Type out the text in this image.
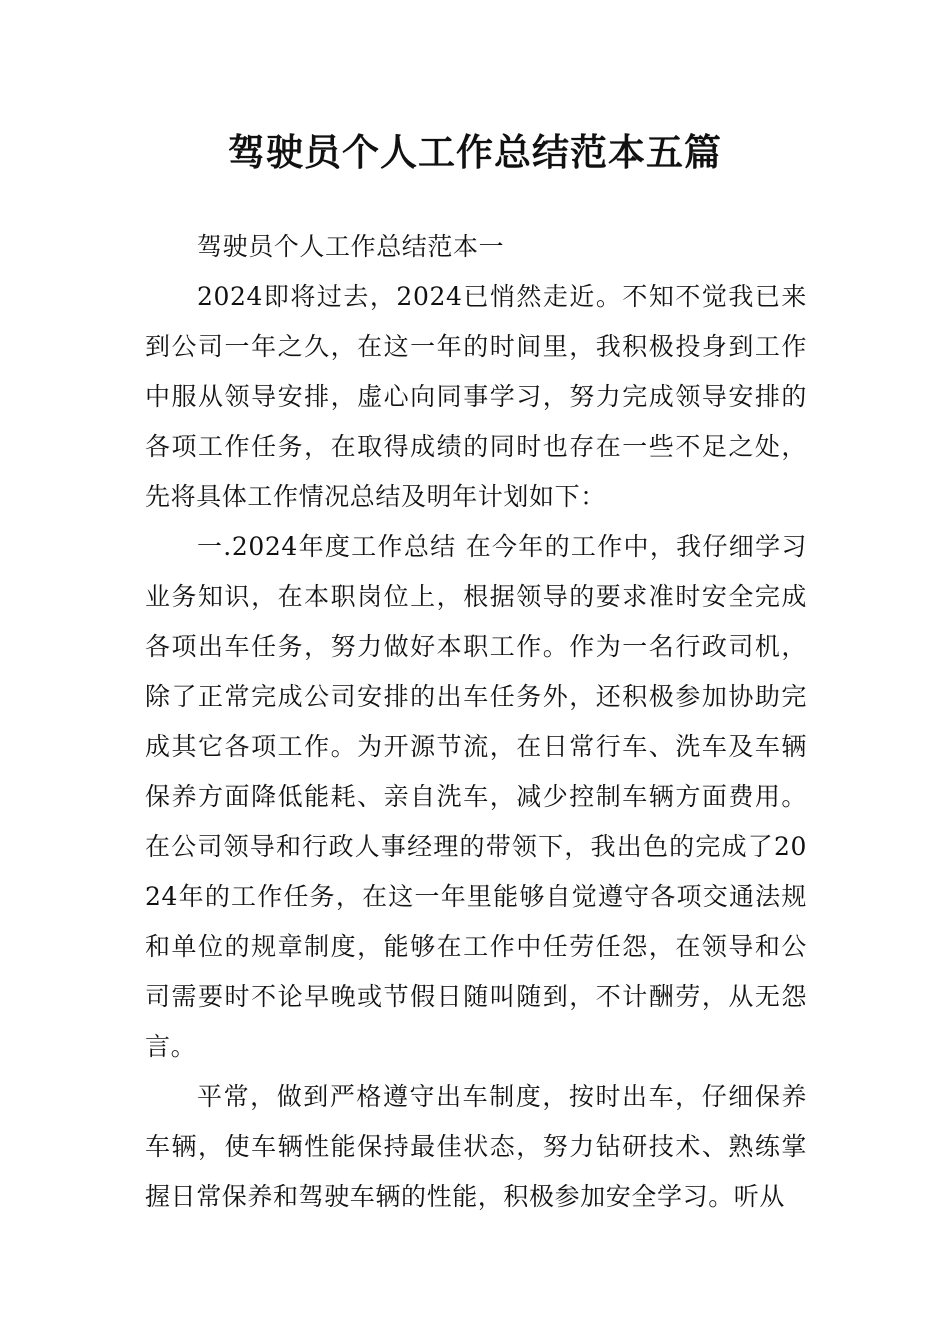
驾驶员个人工作总结范本五篇

驾驶员个人工作总结范本一

2024即将过去，2024已悄然走近。不知不觉我已来到公司一年之久，在这一年的时间里，我积极投身到工作中服从领导安排，虚心向同事学习，努力完成领导安排的各项工作任务，在取得成绩的同时也存在一些不足之处，先将具体工作情况总结及明年计划如下：

一.2024年度工作总结 在今年的工作中，我仔细学习业务知识，在本职岗位上，根据领导的要求准时安全完成各项出车任务，努力做好本职工作。作为一名行政司机，除了正常完成公司安排的出车任务外，还积极参加协助完成其它各项工作。为开源节流，在日常行车、洗车及车辆保养方面降低能耗、亲自洗车，减少控制车辆方面费用。在公司领导和行政人事经理的带领下，我出色的完成了2024年的工作任务，在这一年里能够自觉遵守各项交通法规和单位的规章制度，能够在工作中任劳任怨，在领导和公司需要时不论早晚或节假日随叫随到，不计酬劳，从无怨言。

平常，做到严格遵守出车制度，按时出车，仔细保养车辆，使车辆性能保持最佳状态，努力钻研技术、熟练掌握日常保养和驾驶车辆的性能，积极参加安全学习。听从
